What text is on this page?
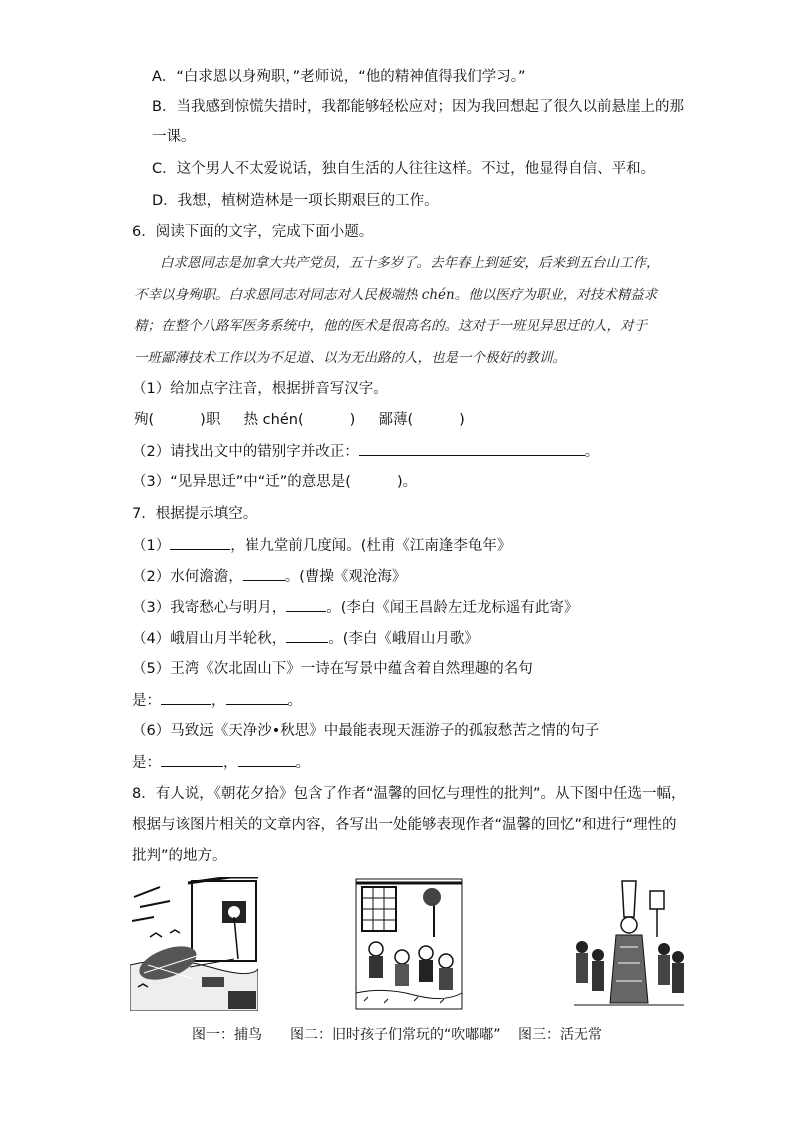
A．“白求恩以身殉职，”老师说，“他的精神值得我们学习。”
B．当我感到惊慌失措时，我都能够轻松应对；因为我回想起了很久以前悬崖上的那
一课。
C．这个男人不太爱说话，独自生活的人往往这样。不过，他显得自信、平和。
D．我想，植树造林是一项长期艰巨的工作。
6．阅读下面的文字，完成下面小题。
白求恩同志是加拿大共产党员，五十多岁了。去年春上到延安，后来到五台山工作，
不幸以身殉职。白求恩同志对同志对人民极端热 chén。他以医疗为职业，对技术精益求
精；在整个八路军医务系统中，他的医术是很高名的。这对于一班见异思迁的人，对于
一班鄙薄技术工作以为不足道、以为无出路的人，也是一个极好的教训。
（1）给加点字注音，根据拼音写汉字。
殉(	)职 热 chén(	) 鄙薄(	)
（2）请找出文中的错别字并改正：	。
（3）“见异思迁”中“迁”的意思是(	)。
7．根据提示填空。
（1）	，崔九堂前几度闻。(杜甫《江南逢李龟年》
（2）水何澹澹，	。(曹操《观沧海》
（3）我寄愁心与明月，	。(李白《闻王昌龄左迁龙标遥有此寄》
（4）峨眉山月半轮秋，	。(李白《峨眉山月歌》
（5）王湾《次北固山下》一诗在写景中蕴含着自然理趣的名句
是：	，	。
（6）马致远《天净沙•秋思》中最能表现天涯游子的孤寂愁苦之情的句子
是：	，	。
8．有人说，《朝花夕拾》包含了作者“温馨的回忆与理性的批判”。从下图中任选一幅，
根据与该图片相关的文章内容，各写出一处能够表现作者“温馨的回忆”和进行“理性的
批判”的地方。
图一：捕鸟 图二：旧时孩子们常玩的“吹嘟嘟” 图三：活无常
